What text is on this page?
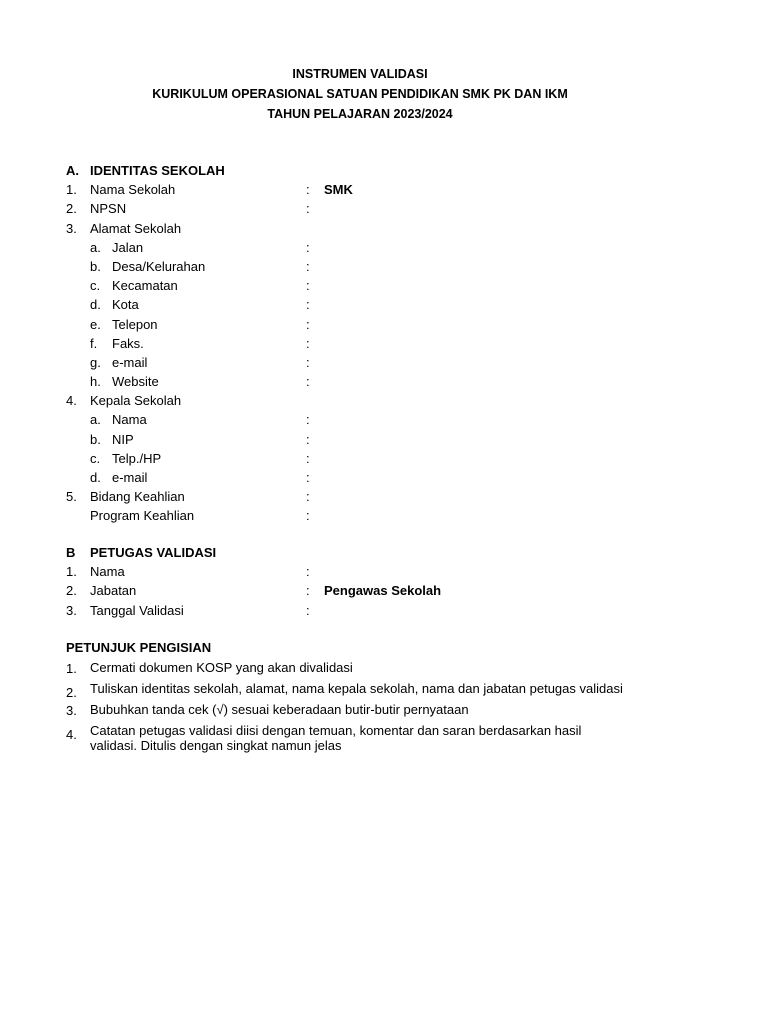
INSTRUMEN VALIDASI
KURIKULUM OPERASIONAL SATUAN PENDIDIKAN SMK PK DAN IKM
TAHUN PELAJARAN 2023/2024
A. IDENTITAS SEKOLAH
1. Nama Sekolah	: SMK
2. NPSN	:
3. Alamat Sekolah
a. Jalan	:
b. Desa/Kelurahan	:
c. Kecamatan	:
d. Kota	:
e. Telepon	:
f. Faks.	:
g. e-mail	:
h. Website	:
4. Kepala Sekolah
a. Nama	:
b. NIP	:
c. Telp./HP	:
d. e-mail	:
5. Bidang Keahlian	:
Program Keahlian	:
B PETUGAS VALIDASI
1. Nama	:
2. Jabatan	: Pengawas Sekolah
3. Tanggal Validasi	:
PETUNJUK PENGISIAN
1. Cermati dokumen KOSP yang akan divalidasi
2. Tuliskan identitas sekolah, alamat, nama kepala sekolah, nama dan jabatan petugas validasi
3. Bubuhkan tanda cek (√) sesuai keberadaan butir-butir pernyataan
4. Catatan petugas validasi diisi dengan temuan, komentar dan saran berdasarkan hasil validasi. Ditulis dengan singkat namun jelas
